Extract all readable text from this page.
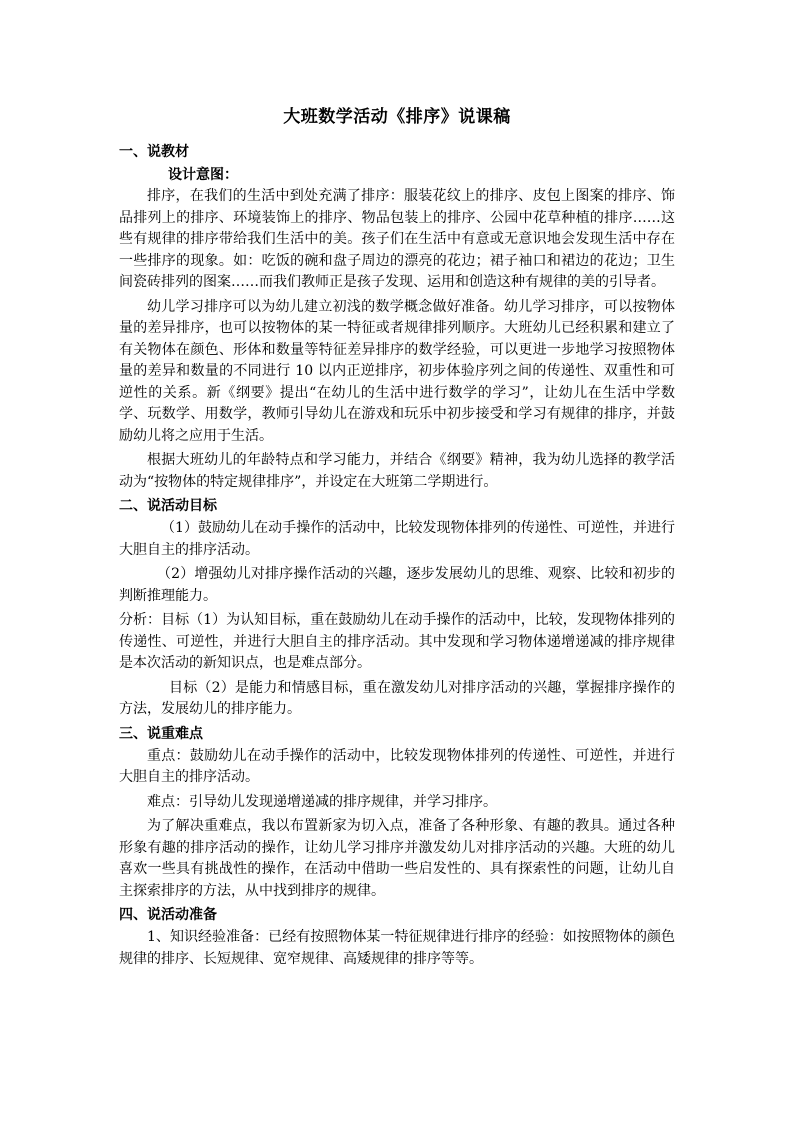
大班数学活动《排序》说课稿
一、说教材
设计意图：

排序，在我们的生活中到处充满了排序：服装花纹上的排序、皮包上图案的排序、饰品排列上的排序、环境装饰上的排序、物品包装上的排序、公园中花草种植的排序……这些有规律的排序带给我们生活中的美。孩子们在生活中有意或无意识地会发现生活中存在一些排序的现象。如：吃饭的碗和盘子周边的漂亮的花边；裙子袖口和裙边的花边；卫生间瓷砖排列的图案……而我们教师正是孩子发现、运用和创造这种有规律的美的引导者。

幼儿学习排序可以为幼儿建立初浅的数学概念做好准备。幼儿学习排序，可以按物体量的差异排序，也可以按物体的某一特征或者规律排列顺序。大班幼儿已经积累和建立了有关物体在颜色、形体和数量等特征差异排序的数学经验，可以更进一步地学习按照物体量的差异和数量的不同进行 10 以内正逆排序，初步体验序列之间的传递性、双重性和可逆性的关系。新《纲要》提出“在幼儿的生活中进行数学的学习”，让幼儿在生活中学数学、玩数学、用数学，教师引导幼儿在游戏和玩乐中初步接受和学习有规律的排序，并鼓励幼儿将之应用于生活。

根据大班幼儿的年龄特点和学习能力，并结合《纲要》精神，我为幼儿选择的教学活动为“按物体的特定规律排序”，并设定在大班第二学期进行。

二、说活动目标

（1）鼓励幼儿在动手操作的活动中，比较发现物体排列的传递性、可逆性，并进行大胆自主的排序活动。

（2）增强幼儿对排序操作活动的兴趣，逐步发展幼儿的思维、观察、比较和初步的判断推理能力。

分析：目标（1）为认知目标，重在鼓励幼儿在动手操作的活动中，比较，发现物体排列的传递性、可逆性，并进行大胆自主的排序活动。其中发现和学习物体递增递减的排序规律是本次活动的新知识点，也是难点部分。

目标（2）是能力和情感目标，重在激发幼儿对排序活动的兴趣，掌握排序操作的方法，发展幼儿的排序能力。

三、说重难点

重点：鼓励幼儿在动手操作的活动中，比较发现物体排列的传递性、可逆性，并进行大胆自主的排序活动。

难点：引导幼儿发现递增递减的排序规律，并学习排序。

为了解决重难点，我以布置新家为切入点，准备了各种形象、有趣的教具。通过各种形象有趣的排序活动的操作，让幼儿学习排序并激发幼儿对排序活动的兴趣。大班的幼儿喜欢一些具有挑战性的操作，在活动中借助一些启发性的、具有探索性的问题，让幼儿自主探索排序的方法，从中找到排序的规律。

四、说活动准备

1、知识经验准备：已经有按照物体某一特征规律进行排序的经验：如按照物体的颜色规律的排序、长短规律、宽窄规律、高矮规律的排序等等。
